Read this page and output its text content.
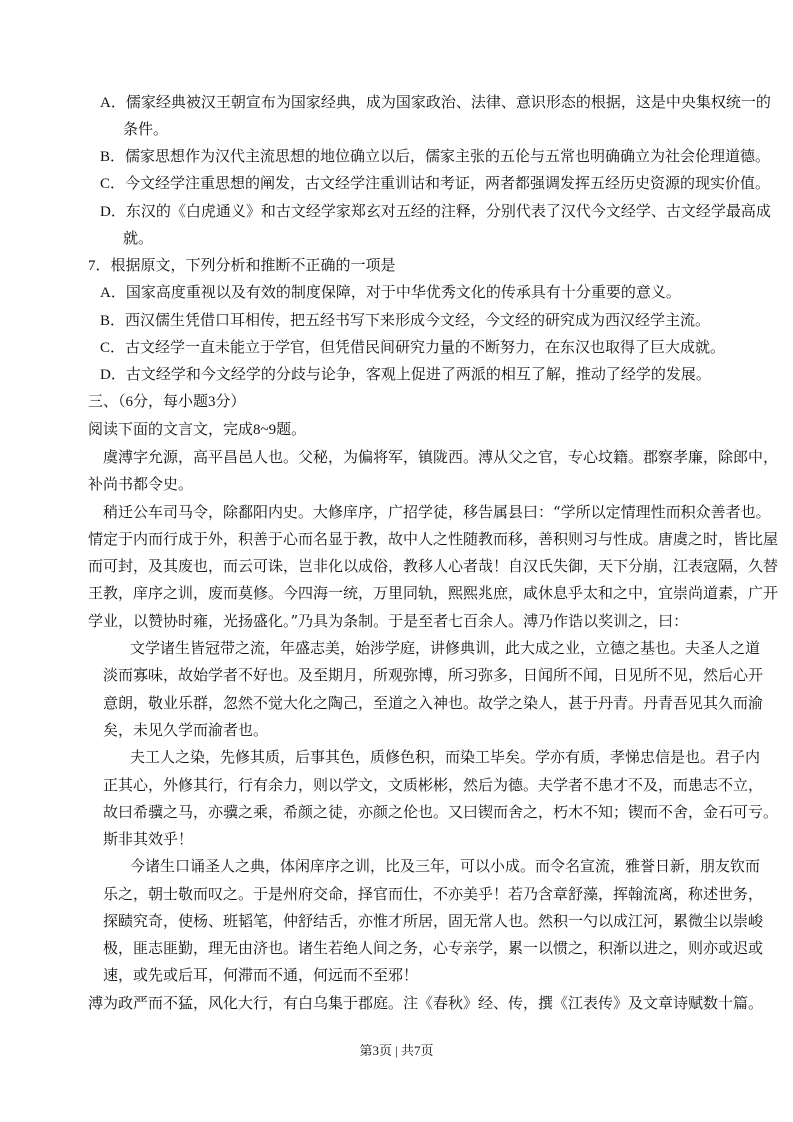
A．儒家经典被汉王朝宣布为国家经典，成为国家政治、法律、意识形态的根据，这是中央集权统一的
条件。
B．儒家思想作为汉代主流思想的地位确立以后，儒家主张的五伦与五常也明确确立为社会伦理道德。
C．今文经学注重思想的阐发，古文经学注重训诂和考证，两者都强调发挥五经历史资源的现实价值。
D．东汉的《白虎通义》和古文经学家郑玄对五经的注释，分别代表了汉代今文经学、古文经学最高成
就。
7．根据原文，下列分析和推断不正确的一项是
A．国家高度重视以及有效的制度保障，对于中华优秀文化的传承具有十分重要的意义。
B．西汉儒生凭借口耳相传，把五经书写下来形成今文经，今文经的研究成为西汉经学主流。
C．古文经学一直未能立于学官，但凭借民间研究力量的不断努力，在东汉也取得了巨大成就。
D．古文经学和今文经学的分歧与论争，客观上促进了两派的相互了解，推动了经学的发展。
三、（6分，每小题3分）
阅读下面的文言文，完成8~9题。
虞溥字允源，高平昌邑人也。父秘，为偏将军，镇陇西。溥从父之官，专心坟籍。郡察孝廉，除郎中，
补尚书都令史。
稍迁公车司马令，除鄱阳内史。大修庠序，广招学徒，移告属县曰：“学所以定情理性而积众善者也。
情定于内而行成于外，积善于心而名显于教，故中人之性随教而移，善积则习与性成。唐虞之时，皆比屋
而可封，及其废也，而云可诛，岂非化以成俗，教移人心者哉！自汉氏失御，天下分崩，江表寇隔，久替
王教，庠序之训，废而莫修。今四海一统，万里同轨，熙熙兆庶，咸休息乎太和之中，宜崇尚道素，广开
学业，以赞协时雍，光扬盛化。”乃具为条制。于是至者七百余人。溥乃作诰以奖训之，曰：
文学诸生皆冠带之流，年盛志美，始涉学庭，讲修典训，此大成之业，立德之基也。夫圣人之道
淡而寡味，故始学者不好也。及至期月，所观弥博，所习弥多，日闻所不闻，日见所不见，然后心开
意朗，敬业乐群，忽然不觉大化之陶己，至道之入神也。故学之染人，甚于丹青。丹青吾见其久而渝
矣，未见久学而渝者也。
夫工人之染，先修其质，后事其色，质修色积，而染工毕矣。学亦有质，孝悌忠信是也。君子内
正其心，外修其行，行有余力，则以学文，文质彬彬，然后为德。夫学者不患才不及，而患志不立，
故曰希骥之马，亦骥之乘，希颜之徒，亦颜之伦也。又曰锲而舍之，朽木不知；锲而不舍，金石可亏。
斯非其效乎！
今诸生口诵圣人之典，体闲庠序之训，比及三年，可以小成。而令名宣流，雅誉日新，朋友钦而
乐之，朝士敬而叹之。于是州府交命，择官而仕，不亦美乎！若乃含章舒藻，挥翰流离，称述世务，
探赜究奇，使杨、班韬笔，仲舒结舌，亦惟才所居，固无常人也。然积一勺以成江河，累微尘以崇峻
极，匪志匪勤，理无由济也。诸生若绝人间之务，心专亲学，累一以惯之，积渐以进之，则亦或迟或
速，或先或后耳，何滞而不通，何远而不至邪！
溥为政严而不猛，风化大行，有白乌集于郡庭。注《春秋》经、传，撰《江表传》及文章诗赋数十篇。
第3页 | 共7页
